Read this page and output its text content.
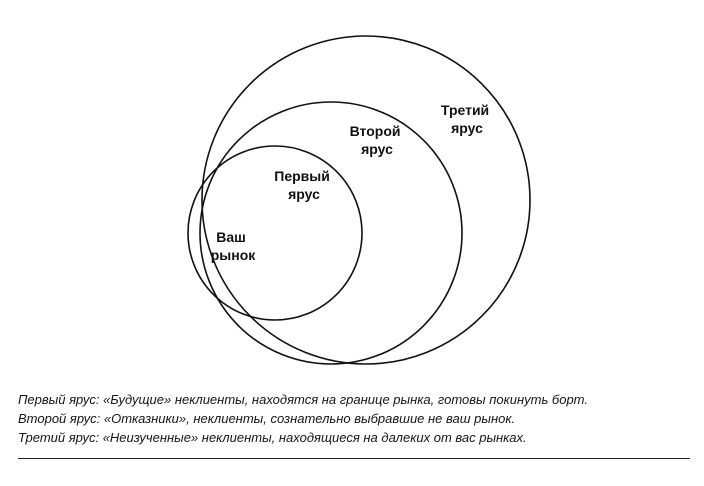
Ваш рынок
Первый ярус
Второй ярус
Третий ярус
Первый ярус: «Будущие» неклиенты, находятся на границе рынка, готовы покинуть борт.
Второй ярус: «Отказники», неклиенты, сознательно выбравшие не ваш рынок.
Третий ярус: «Неизученные» неклиенты, находящиеся на далеких от вас рынках.
